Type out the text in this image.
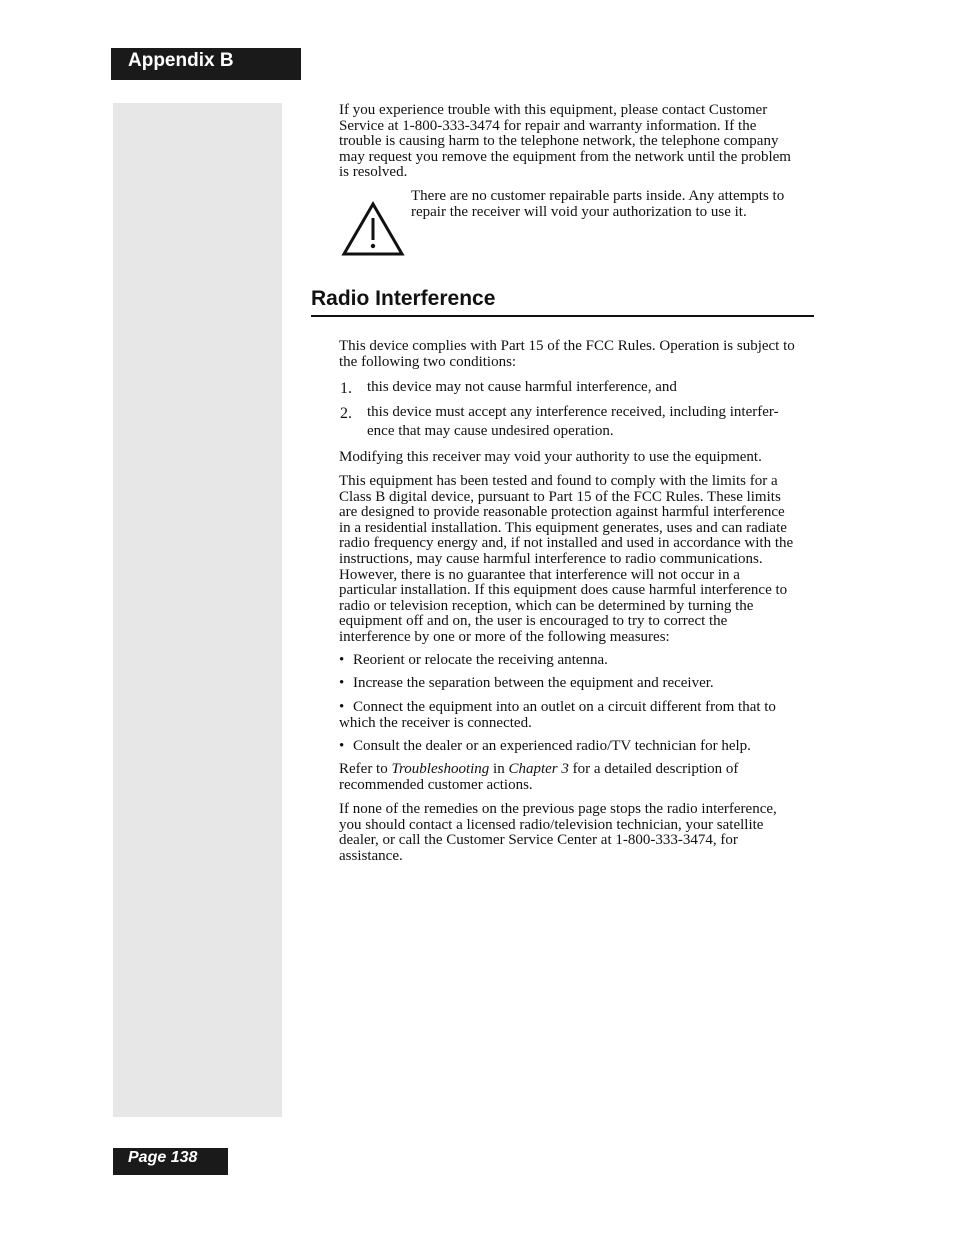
Appendix B

If you experience trouble with this equipment, please contact Customer

Service at 1-800-333-3474 for repair and warranty information. If the

trouble is causing harm to the telephone network, the telephone company

may request you remove the equipment from the network until the problem

is resolved.

There are no customer repairable parts inside. Any attempts to

repair the receiver will void your authorization to use it.

Radio Interference

This device complies with Part 15 of the FCC Rules. Operation is subject to

the following two conditions:

1. this device may not cause harmful interference, and

2. this device must accept any interference received, including interfer-

ence that may cause undesired operation.

Modifying this receiver may void your authority to use the equipment.

This equipment has been tested and found to comply with the limits for a

Class B digital device, pursuant to Part 15 of the FCC Rules. These limits

are designed to provide reasonable protection against harmful interference

in a residential installation. This equipment generates, uses and can radiate

radio frequency energy and, if not installed and used in accordance with the

instructions, may cause harmful interference to radio communications.

However, there is no guarantee that interference will not occur in a

particular installation. If this equipment does cause harmful interference to

radio or television reception, which can be determined by turning the

equipment off and on, the user is encouraged to try to correct the

interference by one or more of the following measures:

• Reorient or relocate the receiving antenna.

• Increase the separation between the equipment and receiver.

• Connect the equipment into an outlet on a circuit different from that to

which the receiver is connected.

• Consult the dealer or an experienced radio/TV technician for help.

Refer to Troubleshooting in Chapter 3 for a detailed description of

recommended customer actions.

If none of the remedies on the previous page stops the radio interference,

you should contact a licensed radio/television technician, your satellite

dealer, or call the Customer Service Center at 1-800-333-3474, for

assistance.

Page 138
